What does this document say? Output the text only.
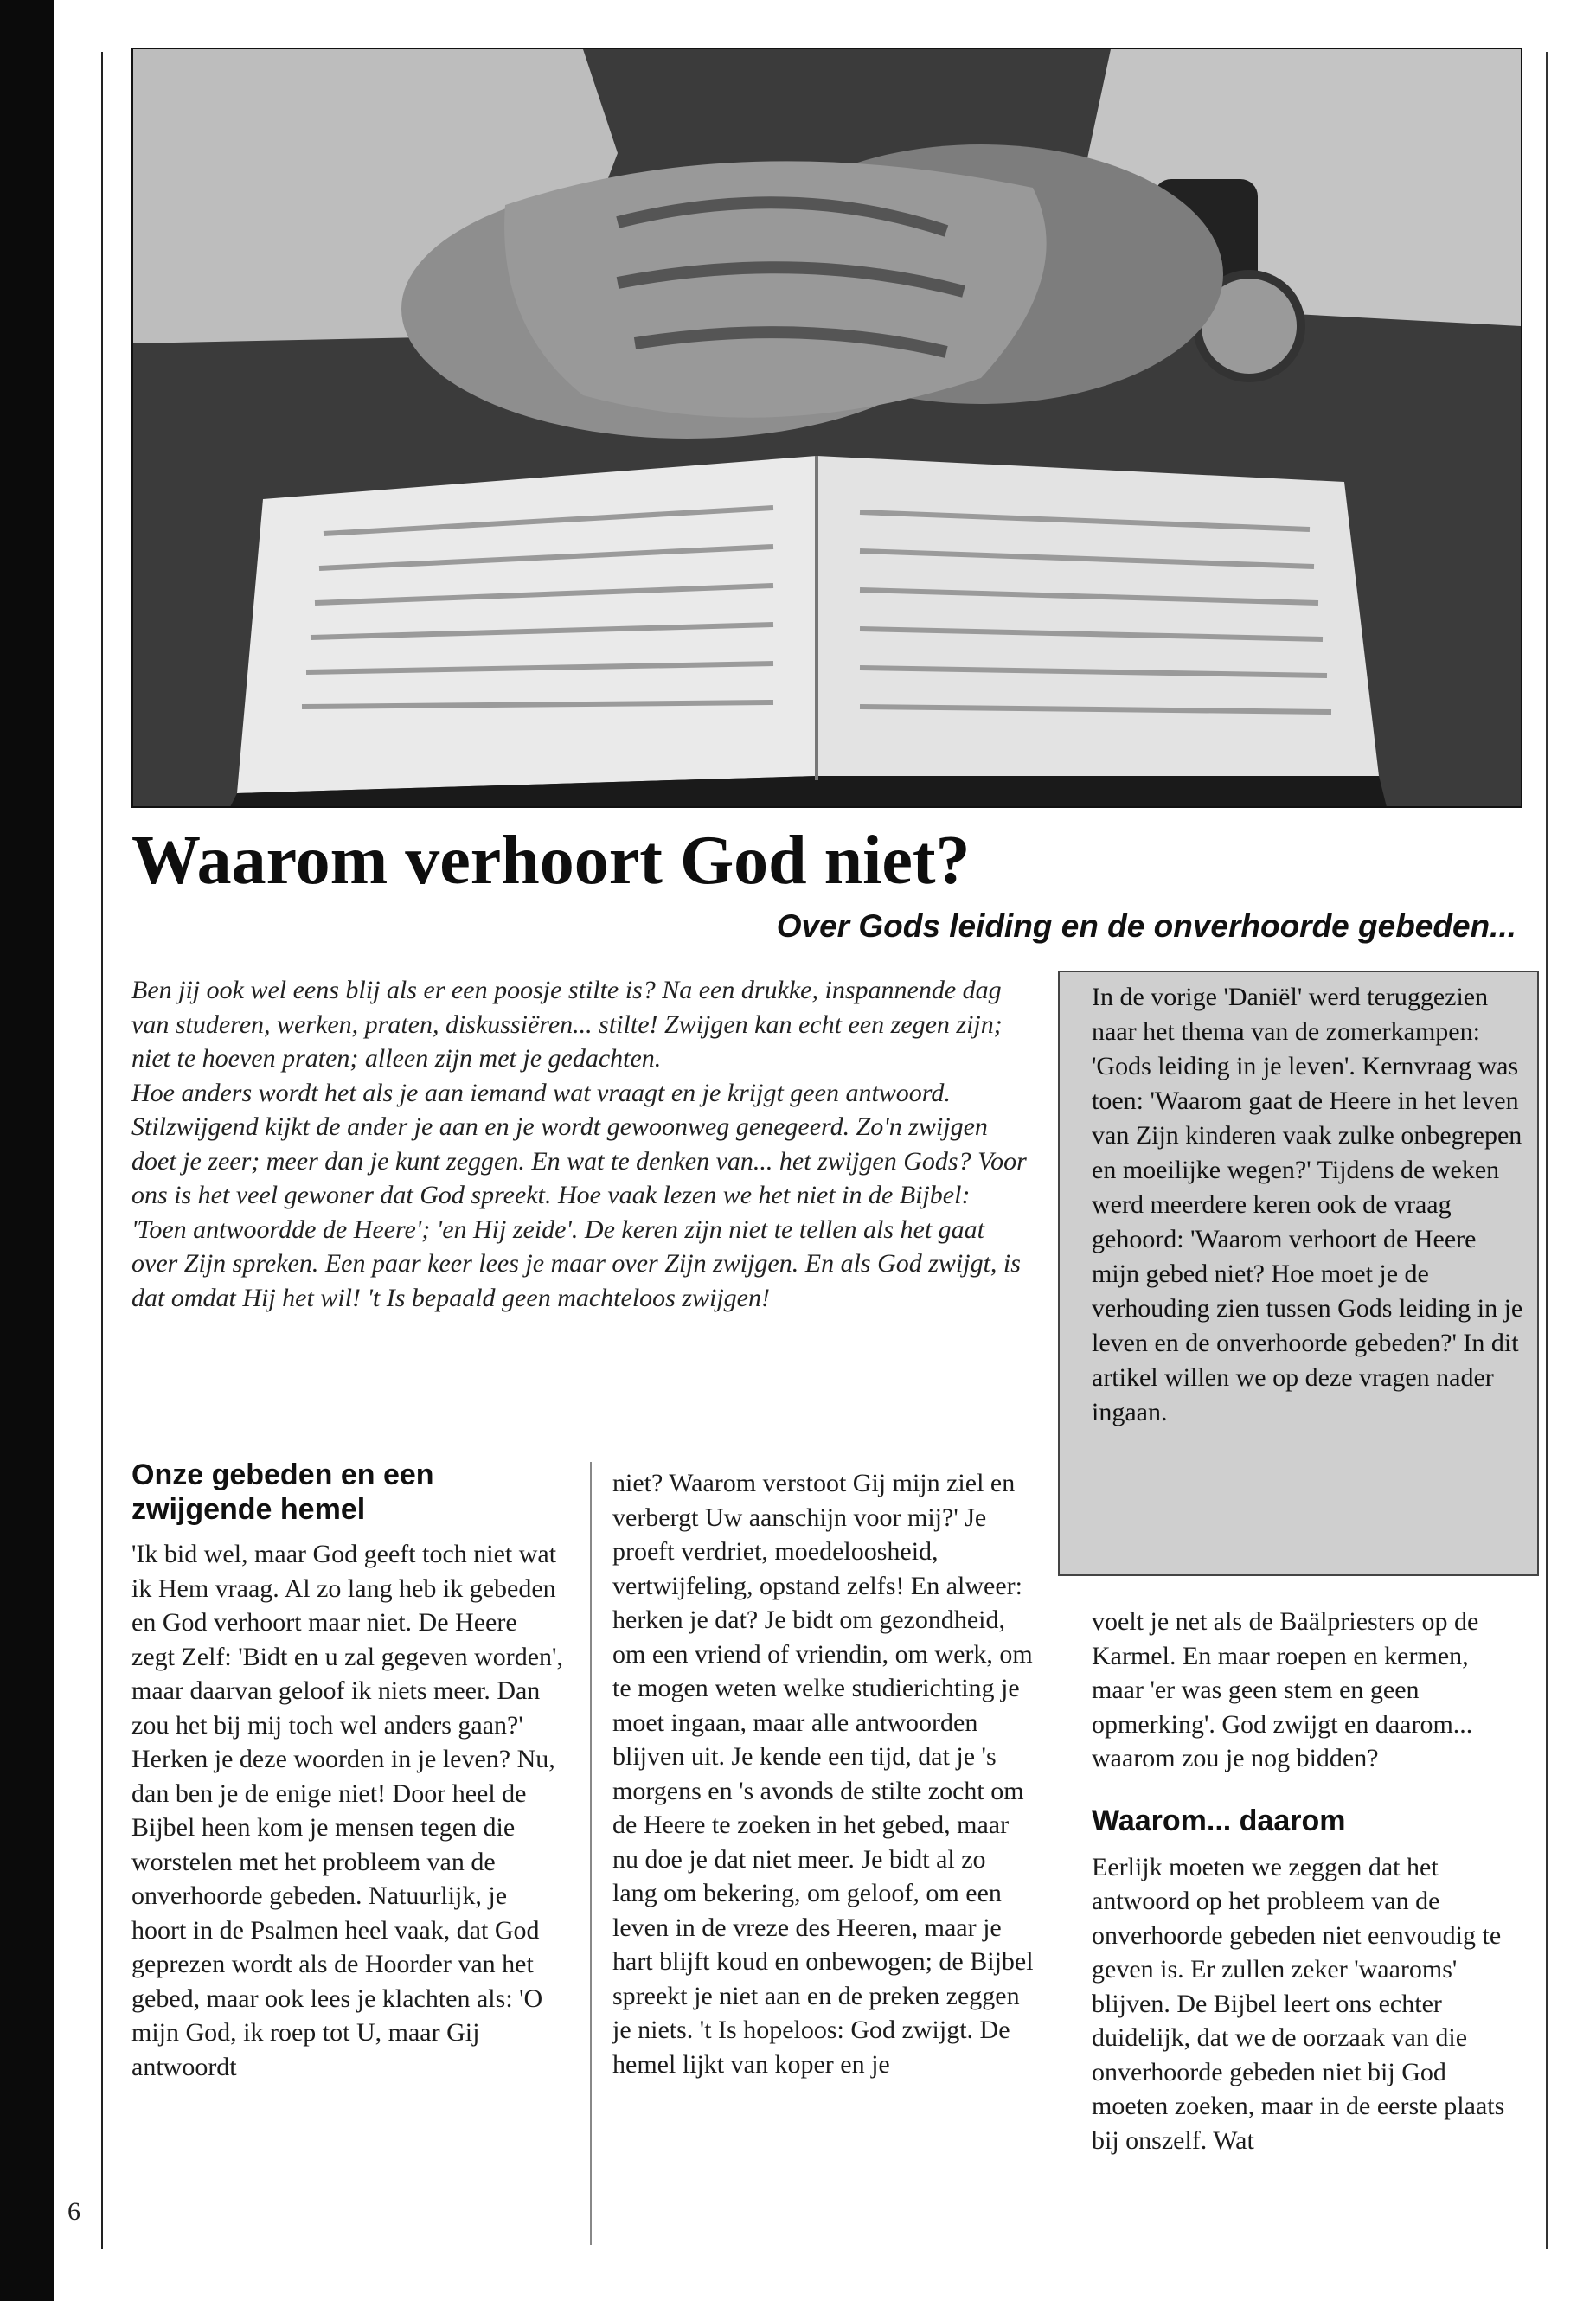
Waarom verhoort God niet?
Over Gods leiding en de onverhoorde gebeden...

Ben jij ook wel eens blij als er een poosje stilte is? Na een drukke, inspannende dag van studeren, werken, praten, diskussiëren... stilte! Zwijgen kan echt een zegen zijn; niet te hoeven praten; alleen zijn met je gedachten.

Hoe anders wordt het als je aan iemand wat vraagt en je krijgt geen antwoord. Stilzwijgend kijkt de ander je aan en je wordt gewoonweg genegeerd. Zo'n zwijgen doet je zeer; meer dan je kunt zeggen. En wat te denken van... het zwijgen Gods? Voor ons is het veel gewoner dat God spreekt. Hoe vaak lezen we het niet in de Bijbel: 'Toen antwoordde de Heere'; 'en Hij zeide'. De keren zijn niet te tellen als het gaat over Zijn spreken. Een paar keer lees je maar over Zijn zwijgen. En als God zwijgt, is dat omdat Hij het wil! 't Is bepaald geen machteloos zwijgen!

In de vorige 'Daniël' werd teruggezien naar het thema van de zomerkampen: 'Gods leiding in je leven'. Kernvraag was toen: 'Waarom gaat de Heere in het leven van Zijn kinderen vaak zulke onbegrepen en moeilijke wegen?' Tijdens de weken werd meerdere keren ook de vraag gehoord: 'Waarom verhoort de Heere mijn gebed niet? Hoe moet je de verhouding zien tussen Gods leiding in je leven en de onverhoorde gebeden?' In dit artikel willen we op deze vragen nader ingaan.
Onze gebeden en een zwijgende hemel

'Ik bid wel, maar God geeft toch niet wat ik Hem vraag. Al zo lang heb ik gebeden en God verhoort maar niet. De Heere zegt Zelf: 'Bidt en u zal gegeven worden', maar daarvan geloof ik niets meer. Dan zou het bij mij toch wel anders gaan?' Herken je deze woorden in je leven? Nu, dan ben je de enige niet! Door heel de Bijbel heen kom je mensen tegen die worstelen met het probleem van de onverhoorde gebeden. Natuurlijk, je hoort in de Psalmen heel vaak, dat God geprezen wordt als de Hoorder van het gebed, maar ook lees je klachten als: 'O mijn God, ik roep tot U, maar Gij antwoordt

niet? Waarom verstoot Gij mijn ziel en verbergt Uw aanschijn voor mij?' Je proeft verdriet, moedeloosheid, vertwijfeling, opstand zelfs! En alweer: herken je dat? Je bidt om gezondheid, om een vriend of vriendin, om werk, om te mogen weten welke studierichting je moet ingaan, maar alle antwoorden blijven uit. Je kende een tijd, dat je 's morgens en 's avonds de stilte zocht om de Heere te zoeken in het gebed, maar nu doe je dat niet meer. Je bidt al zo lang om bekering, om geloof, om een leven in de vreze des Heeren, maar je hart blijft koud en onbewogen; de Bijbel spreekt je niet aan en de preken zeggen je niets. 't Is hopeloos: God zwijgt. De hemel lijkt van koper en je

voelt je net als de Baälpriesters op de Karmel. En maar roepen en kermen, maar 'er was geen stem en geen opmerking'. God zwijgt en daarom... waarom zou je nog bidden?

Waarom... daarom

Eerlijk moeten we zeggen dat het antwoord op het probleem van de onverhoorde gebeden niet eenvoudig te geven is. Er zullen zeker 'waaroms' blijven. De Bijbel leert ons echter duidelijk, dat we de oorzaak van die onverhoorde gebeden niet bij God moeten zoeken, maar in de eerste plaats bij onszelf. Wat

6
